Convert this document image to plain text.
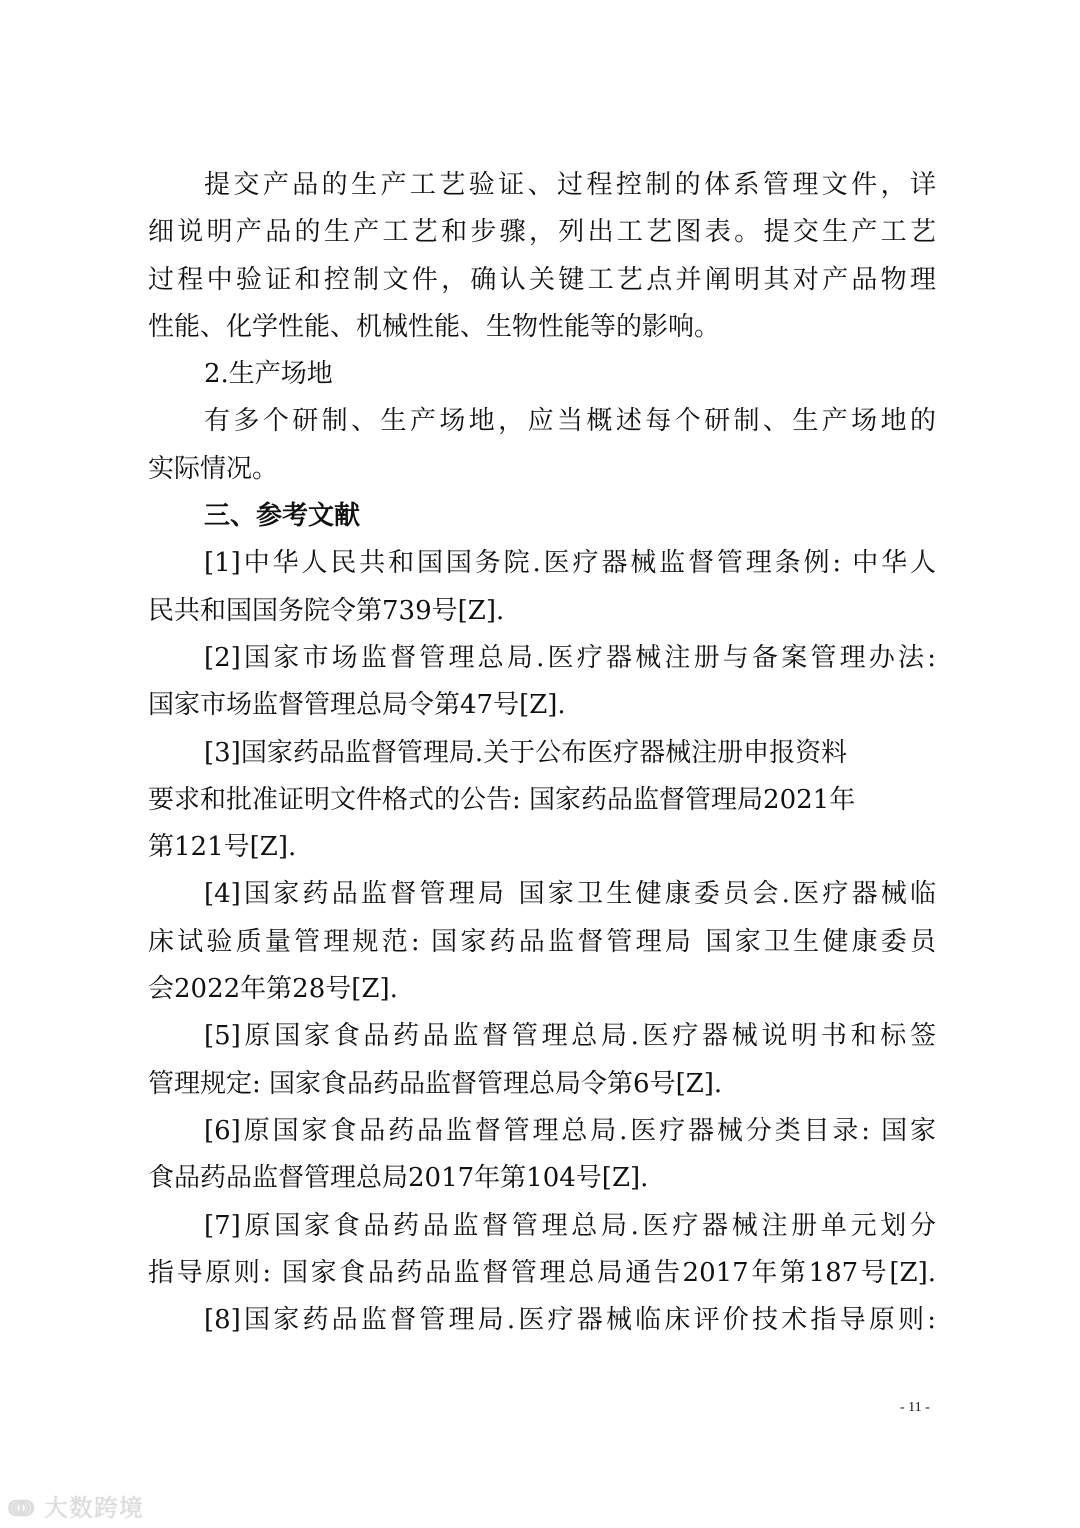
提交产品的生产工艺验证、过程控制的体系管理文件，详
细说明产品的生产工艺和步骤，列出工艺图表。提交生产工艺
过程中验证和控制文件，确认关键工艺点并阐明其对产品物理
性能、化学性能、机械性能、生物性能等的影响。
2.生产场地
有多个研制、生产场地，应当概述每个研制、生产场地的
实际情况。
三、参考文献
[1]中华人民共和国国务院.医疗器械监督管理条例: 中华人
民共和国国务院令第739号[Z].
[2]国家市场监督管理总局.医疗器械注册与备案管理办法:
国家市场监督管理总局令第47号[Z].
[3]国家药品监督管理局.关于公布医疗器械注册申报资料
要求和批准证明文件格式的公告: 国家药品监督管理局2021年
第121号[Z].
[4]国家药品监督管理局 国家卫生健康委员会.医疗器械临
床试验质量管理规范: 国家药品监督管理局 国家卫生健康委员
会2022年第28号[Z].
[5]原国家食品药品监督管理总局.医疗器械说明书和标签
管理规定: 国家食品药品监督管理总局令第6号[Z].
[6]原国家食品药品监督管理总局.医疗器械分类目录: 国家
食品药品监督管理总局2017年第104号[Z].
[7]原国家食品药品监督管理总局.医疗器械注册单元划分
指导原则: 国家食品药品监督管理总局通告2017年第187号[Z].
[8]国家药品监督管理局.医疗器械临床评价技术指导原则:
- 11 -
ↈ 大数跨境
